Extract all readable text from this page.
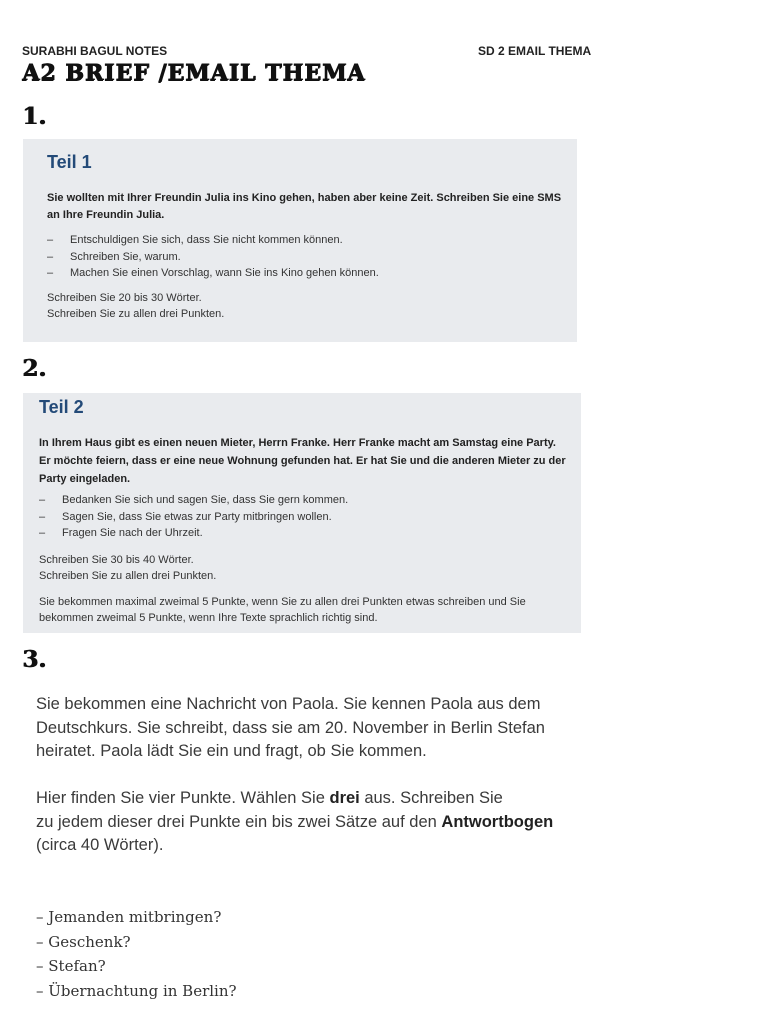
SURABHI BAGUL NOTES	SD 2 EMAIL THEMA
A2 BRIEF /EMAIL THEMA
1.
Teil 1
Sie wollten mit Ihrer Freundin Julia ins Kino gehen, haben aber keine Zeit. Schreiben Sie eine SMS an Ihre Freundin Julia.
– Entschuldigen Sie sich, dass Sie nicht kommen können.
– Schreiben Sie, warum.
– Machen Sie einen Vorschlag, wann Sie ins Kino gehen können.
Schreiben Sie 20 bis 30 Wörter.
Schreiben Sie zu allen drei Punkten.
2.
Teil 2
In Ihrem Haus gibt es einen neuen Mieter, Herrn Franke. Herr Franke macht am Samstag eine Party. Er möchte feiern, dass er eine neue Wohnung gefunden hat. Er hat Sie und die anderen Mieter zu der Party eingeladen.
– Bedanken Sie sich und sagen Sie, dass Sie gern kommen.
– Sagen Sie, dass Sie etwas zur Party mitbringen wollen.
– Fragen Sie nach der Uhrzeit.
Schreiben Sie 30 bis 40 Wörter.
Schreiben Sie zu allen drei Punkten.
Sie bekommen maximal zweimal 5 Punkte, wenn Sie zu allen drei Punkten etwas schreiben und Sie bekommen zweimal 5 Punkte, wenn Ihre Texte sprachlich richtig sind.
3.
Sie bekommen eine Nachricht von Paola. Sie kennen Paola aus dem
Deutschkurs. Sie schreibt, dass sie am 20. November in Berlin Stefan
heiratet. Paola lädt Sie ein und fragt, ob Sie kommen.
Hier finden Sie vier Punkte. Wählen Sie drei aus. Schreiben Sie
zu jedem dieser drei Punkte ein bis zwei Sätze auf den Antwortbogen
(circa 40 Wörter).
– Jemanden mitbringen?
– Geschenk?
– Stefan?
– Übernachtung in Berlin?
